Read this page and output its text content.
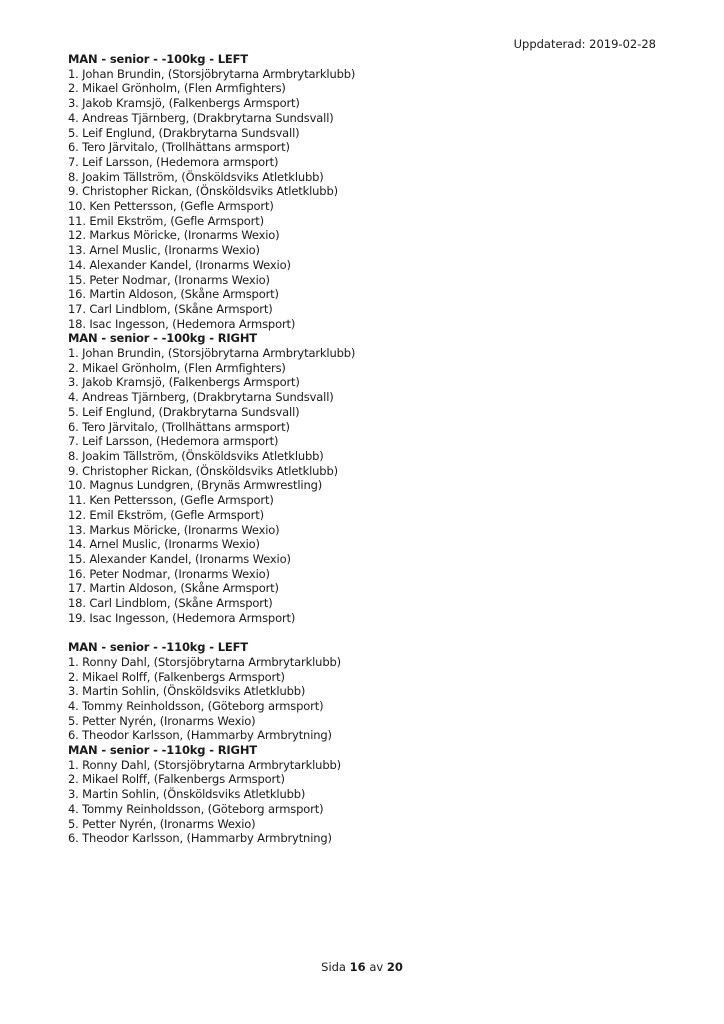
Uppdaterad: 2019-02-28
MAN - senior - -100kg - LEFT
1. Johan Brundin, (Storsjöbrytarna Armbrytarklubb)
2. Mikael Grönholm, (Flen Armfighters)
3. Jakob Kramsjö, (Falkenbergs Armsport)
4. Andreas Tjärnberg, (Drakbrytarna Sundsvall)
5. Leif Englund, (Drakbrytarna Sundsvall)
6. Tero Järvitalo, (Trollhättans armsport)
7. Leif Larsson, (Hedemora armsport)
8. Joakim Tällström, (Önsköldsviks Atletklubb)
9. Christopher Rickan, (Önsköldsviks Atletklubb)
10. Ken Pettersson, (Gefle Armsport)
11. Emil Ekström, (Gefle Armsport)
12. Markus Möricke, (Ironarms Wexio)
13. Arnel Muslic, (Ironarms Wexio)
14. Alexander Kandel, (Ironarms Wexio)
15. Peter Nodmar, (Ironarms Wexio)
16. Martin Aldoson, (Skåne Armsport)
17. Carl Lindblom, (Skåne Armsport)
18. Isac Ingesson, (Hedemora Armsport)
MAN - senior - -100kg - RIGHT
1. Johan Brundin, (Storsjöbrytarna Armbrytarklubb)
2. Mikael Grönholm, (Flen Armfighters)
3. Jakob Kramsjö, (Falkenbergs Armsport)
4. Andreas Tjärnberg, (Drakbrytarna Sundsvall)
5. Leif Englund, (Drakbrytarna Sundsvall)
6. Tero Järvitalo, (Trollhättans armsport)
7. Leif Larsson, (Hedemora armsport)
8. Joakim Tällström, (Önsköldsviks Atletklubb)
9. Christopher Rickan, (Önsköldsviks Atletklubb)
10. Magnus Lundgren, (Brynäs Armwrestling)
11. Ken Pettersson, (Gefle Armsport)
12. Emil Ekström, (Gefle Armsport)
13. Markus Möricke, (Ironarms Wexio)
14. Arnel Muslic, (Ironarms Wexio)
15. Alexander Kandel, (Ironarms Wexio)
16. Peter Nodmar, (Ironarms Wexio)
17. Martin Aldoson, (Skåne Armsport)
18. Carl Lindblom, (Skåne Armsport)
19. Isac Ingesson, (Hedemora Armsport)
MAN - senior - -110kg - LEFT
1. Ronny Dahl, (Storsjöbrytarna Armbrytarklubb)
2. Mikael Rolff, (Falkenbergs Armsport)
3. Martin Sohlin, (Önsköldsviks Atletklubb)
4. Tommy Reinholdsson, (Göteborg armsport)
5. Petter Nyrén, (Ironarms Wexio)
6. Theodor Karlsson, (Hammarby Armbrytning)
MAN - senior - -110kg - RIGHT
1. Ronny Dahl, (Storsjöbrytarna Armbrytarklubb)
2. Mikael Rolff, (Falkenbergs Armsport)
3. Martin Sohlin, (Önsköldsviks Atletklubb)
4. Tommy Reinholdsson, (Göteborg armsport)
5. Petter Nyrén, (Ironarms Wexio)
6. Theodor Karlsson, (Hammarby Armbrytning)
Sida 16 av 20
